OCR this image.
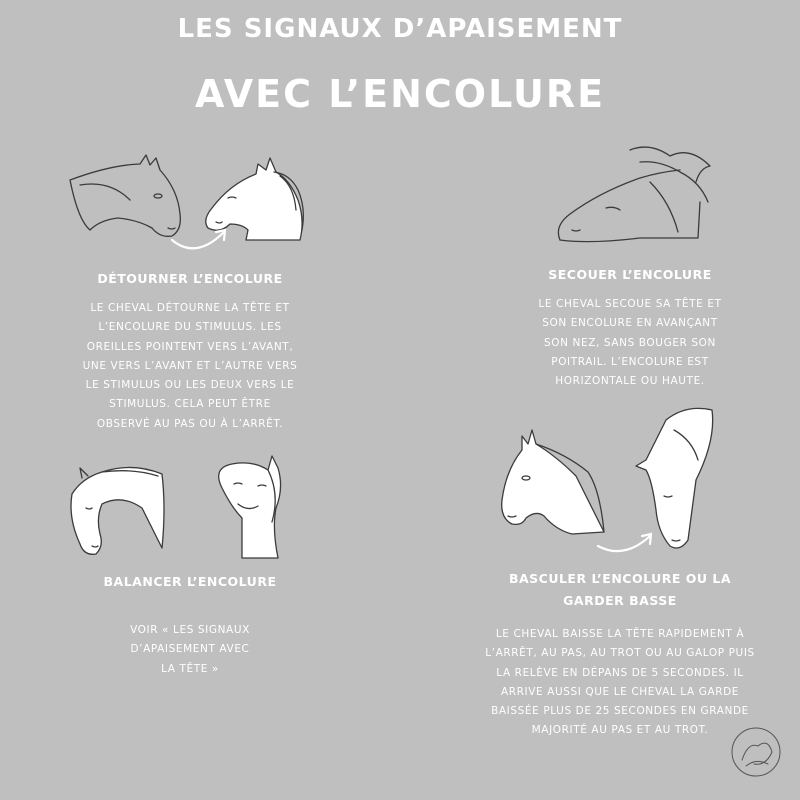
LES SIGNAUX D’APAISEMENT
AVEC L’ENCOLURE
DÉTOURNER L’ENCOLURE
LE CHEVAL DÉTOURNE LA TÊTE ET
L’ENCOLURE DU STIMULUS. LES
OREILLES POINTENT VERS L’AVANT,
UNE VERS L’AVANT ET L’AUTRE VERS
LE STIMULUS OU LES DEUX VERS LE
STIMULUS. CELA PEUT ÊTRE
OBSERVÉ AU PAS OU À L’ARRÊT.
SECOUER L’ENCOLURE
LE CHEVAL SECOUE SA TÊTE ET
SON ENCOLURE EN AVANÇANT
SON NEZ, SANS BOUGER SON
POITRAIL. L’ENCOLURE EST
HORIZONTALE OU HAUTE.
BALANCER L’ENCOLURE
VOIR « LES SIGNAUX
D’APAISEMENT AVEC
LA TÊTE »
BASCULER L’ENCOLURE OU LA
GARDER BASSE
LE CHEVAL BAISSE LA TÊTE RAPIDEMENT À
L’ARRÊT, AU PAS, AU TROT OU AU GALOP PUIS
LA RELÈVE EN DÉPANS DE 5 SECONDES. IL
ARRIVE AUSSI QUE LE CHEVAL LA GARDE
BAISSÉE PLUS DE 25 SECONDES EN GRANDE
MAJORITÉ AU PAS ET AU TROT.
